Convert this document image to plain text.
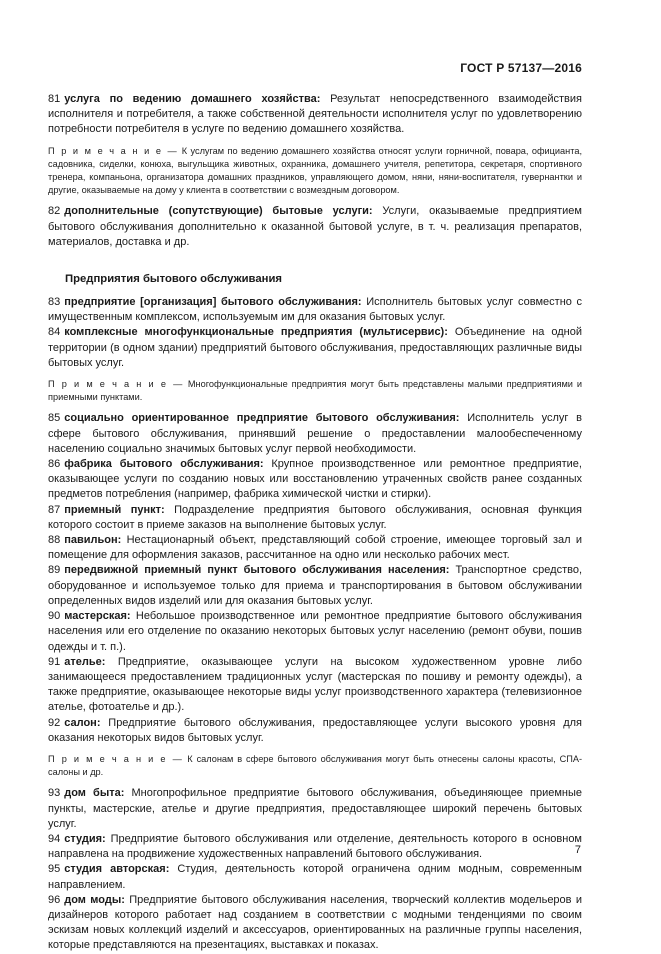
ГОСТ Р 57137—2016

81 услуга по ведению домашнего хозяйства: Результат непосредственного взаимодействия исполнителя и потребителя, а также собственной деятельности исполнителя услуг по удовлетворению потребности потребителя в услуге по ведению домашнего хозяйства.

П р и м е ч а н и е — К услугам по ведению домашнего хозяйства относят услуги горничной, повара, официанта, садовника, сиделки, конюха, выгульщика животных, охранника, домашнего учителя, репетитора, секретаря, спортивного тренера, компаньона, организатора домашних праздников, управляющего домом, няни, няни-воспитателя, гувернантки и другие, оказываемые на дому у клиента в соответствии с возмездным договором.

82 дополнительные (сопутствующие) бытовые услуги: Услуги, оказываемые предприятием бытового обслуживания дополнительно к оказанной бытовой услуге, в т. ч. реализация препаратов, материалов, доставка и др.

Предприятия бытового обслуживания

83 предприятие [организация] бытового обслуживания: Исполнитель бытовых услуг совместно с имущественным комплексом, используемым им для оказания бытовых услуг.

84 комплексные многофункциональные предприятия (мультисервис): Объединение на одной территории (в одном здании) предприятий бытового обслуживания, предоставляющих различные виды бытовых услуг.

П р и м е ч а н и е — Многофункциональные предприятия могут быть представлены малыми предприятиями и приемными пунктами.

85 социально ориентированное предприятие бытового обслуживания: Исполнитель услуг в сфере бытового обслуживания, принявший решение о предоставлении малообеспеченному населению социально значимых бытовых услуг первой необходимости.

86 фабрика бытового обслуживания: Крупное производственное или ремонтное предприятие, оказывающее услуги по созданию новых или восстановлению утраченных свойств ранее созданных предметов потребления (например, фабрика химической чистки и стирки).

87 приемный пункт: Подразделение предприятия бытового обслуживания, основная функция которого состоит в приеме заказов на выполнение бытовых услуг.

88 павильон: Нестационарный объект, представляющий собой строение, имеющее торговый зал и помещение для оформления заказов, рассчитанное на одно или несколько рабочих мест.

89 передвижной приемный пункт бытового обслуживания населения: Транспортное средство, оборудованное и используемое только для приема и транспортирования в бытовом обслуживании определенных видов изделий или для оказания бытовых услуг.

90 мастерская: Небольшое производственное или ремонтное предприятие бытового обслуживания населения или его отделение по оказанию некоторых бытовых услуг населению (ремонт обуви, пошив одежды и т. п.).

91 ателье: Предприятие, оказывающее услуги на высоком художественном уровне либо занимающееся предоставлением традиционных услуг (мастерская по пошиву и ремонту одежды), а также предприятие, оказывающее некоторые виды услуг производственного характера (телевизионное ателье, фотоателье и др.).

92 салон: Предприятие бытового обслуживания, предоставляющее услуги высокого уровня для оказания некоторых видов бытовых услуг.

П р и м е ч а н и е — К салонам в сфере бытового обслуживания могут быть отнесены салоны красоты, СПА-салоны и др.

93 дом быта: Многопрофильное предприятие бытового обслуживания, объединяющее приемные пункты, мастерские, ателье и другие предприятия, предоставляющее широкий перечень бытовых услуг.

94 студия: Предприятие бытового обслуживания или отделение, деятельность которого в основном направлена на продвижение художественных направлений бытового обслуживания.

95 студия авторская: Студия, деятельность которой ограничена одним модным, современным направлением.

96 дом моды: Предприятие бытового обслуживания населения, творческий коллектив модельеров и дизайнеров которого работает над созданием в соответствии с модными тенденциями по своим эскизам новых коллекций изделий и аксессуаров, ориентированных на различные группы населения, которые представляются на презентациях, выставках и показах.

7
